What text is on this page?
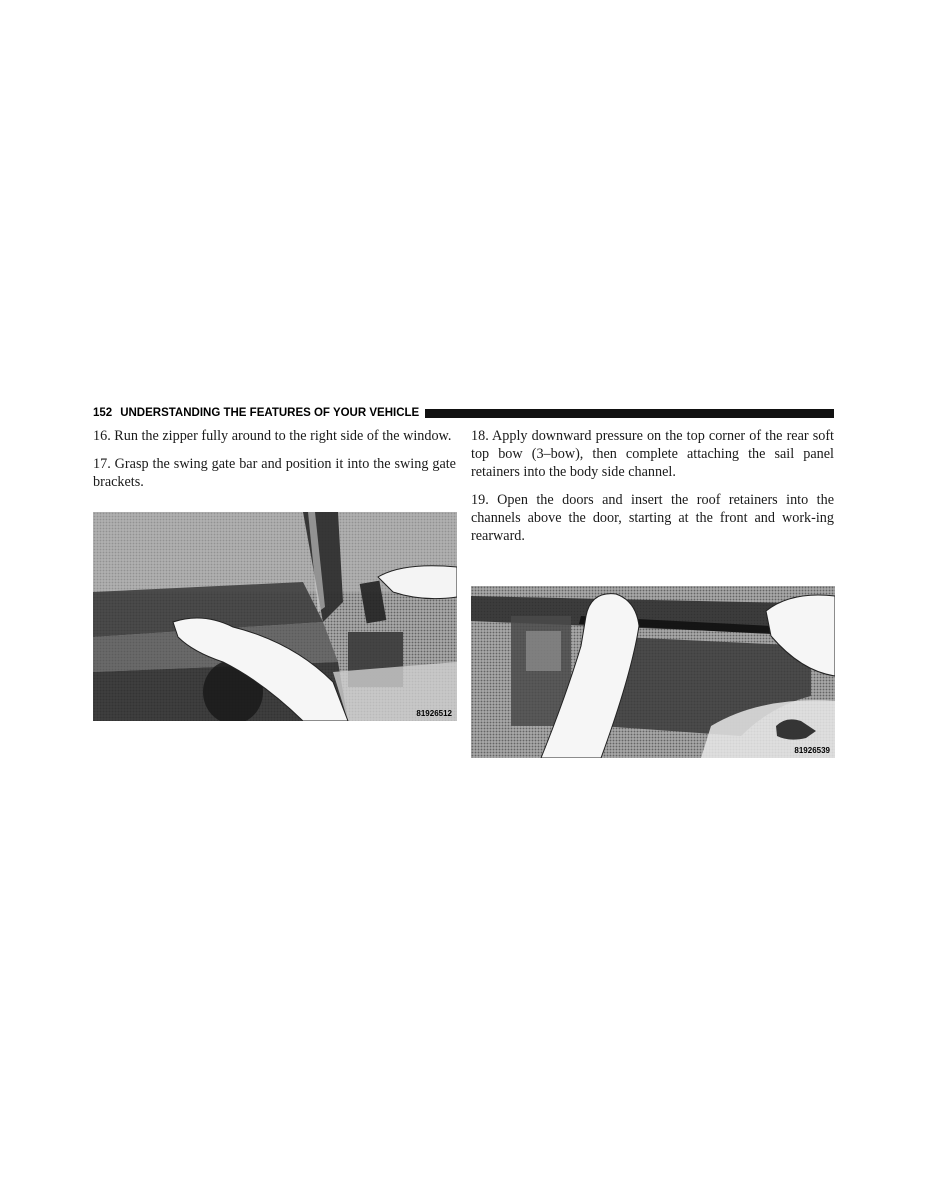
152 UNDERSTANDING THE FEATURES OF YOUR VEHICLE

16. Run the zipper fully around to the right side of the window.

17. Grasp the swing gate bar and position it into the swing gate brackets.

18. Apply downward pressure on the top corner of the rear soft top bow (3–bow), then complete attaching the sail panel retainers into the body side channel.

19. Open the doors and insert the roof retainers into the channels above the door, starting at the front and work-ing rearward.

81926512
81926539
